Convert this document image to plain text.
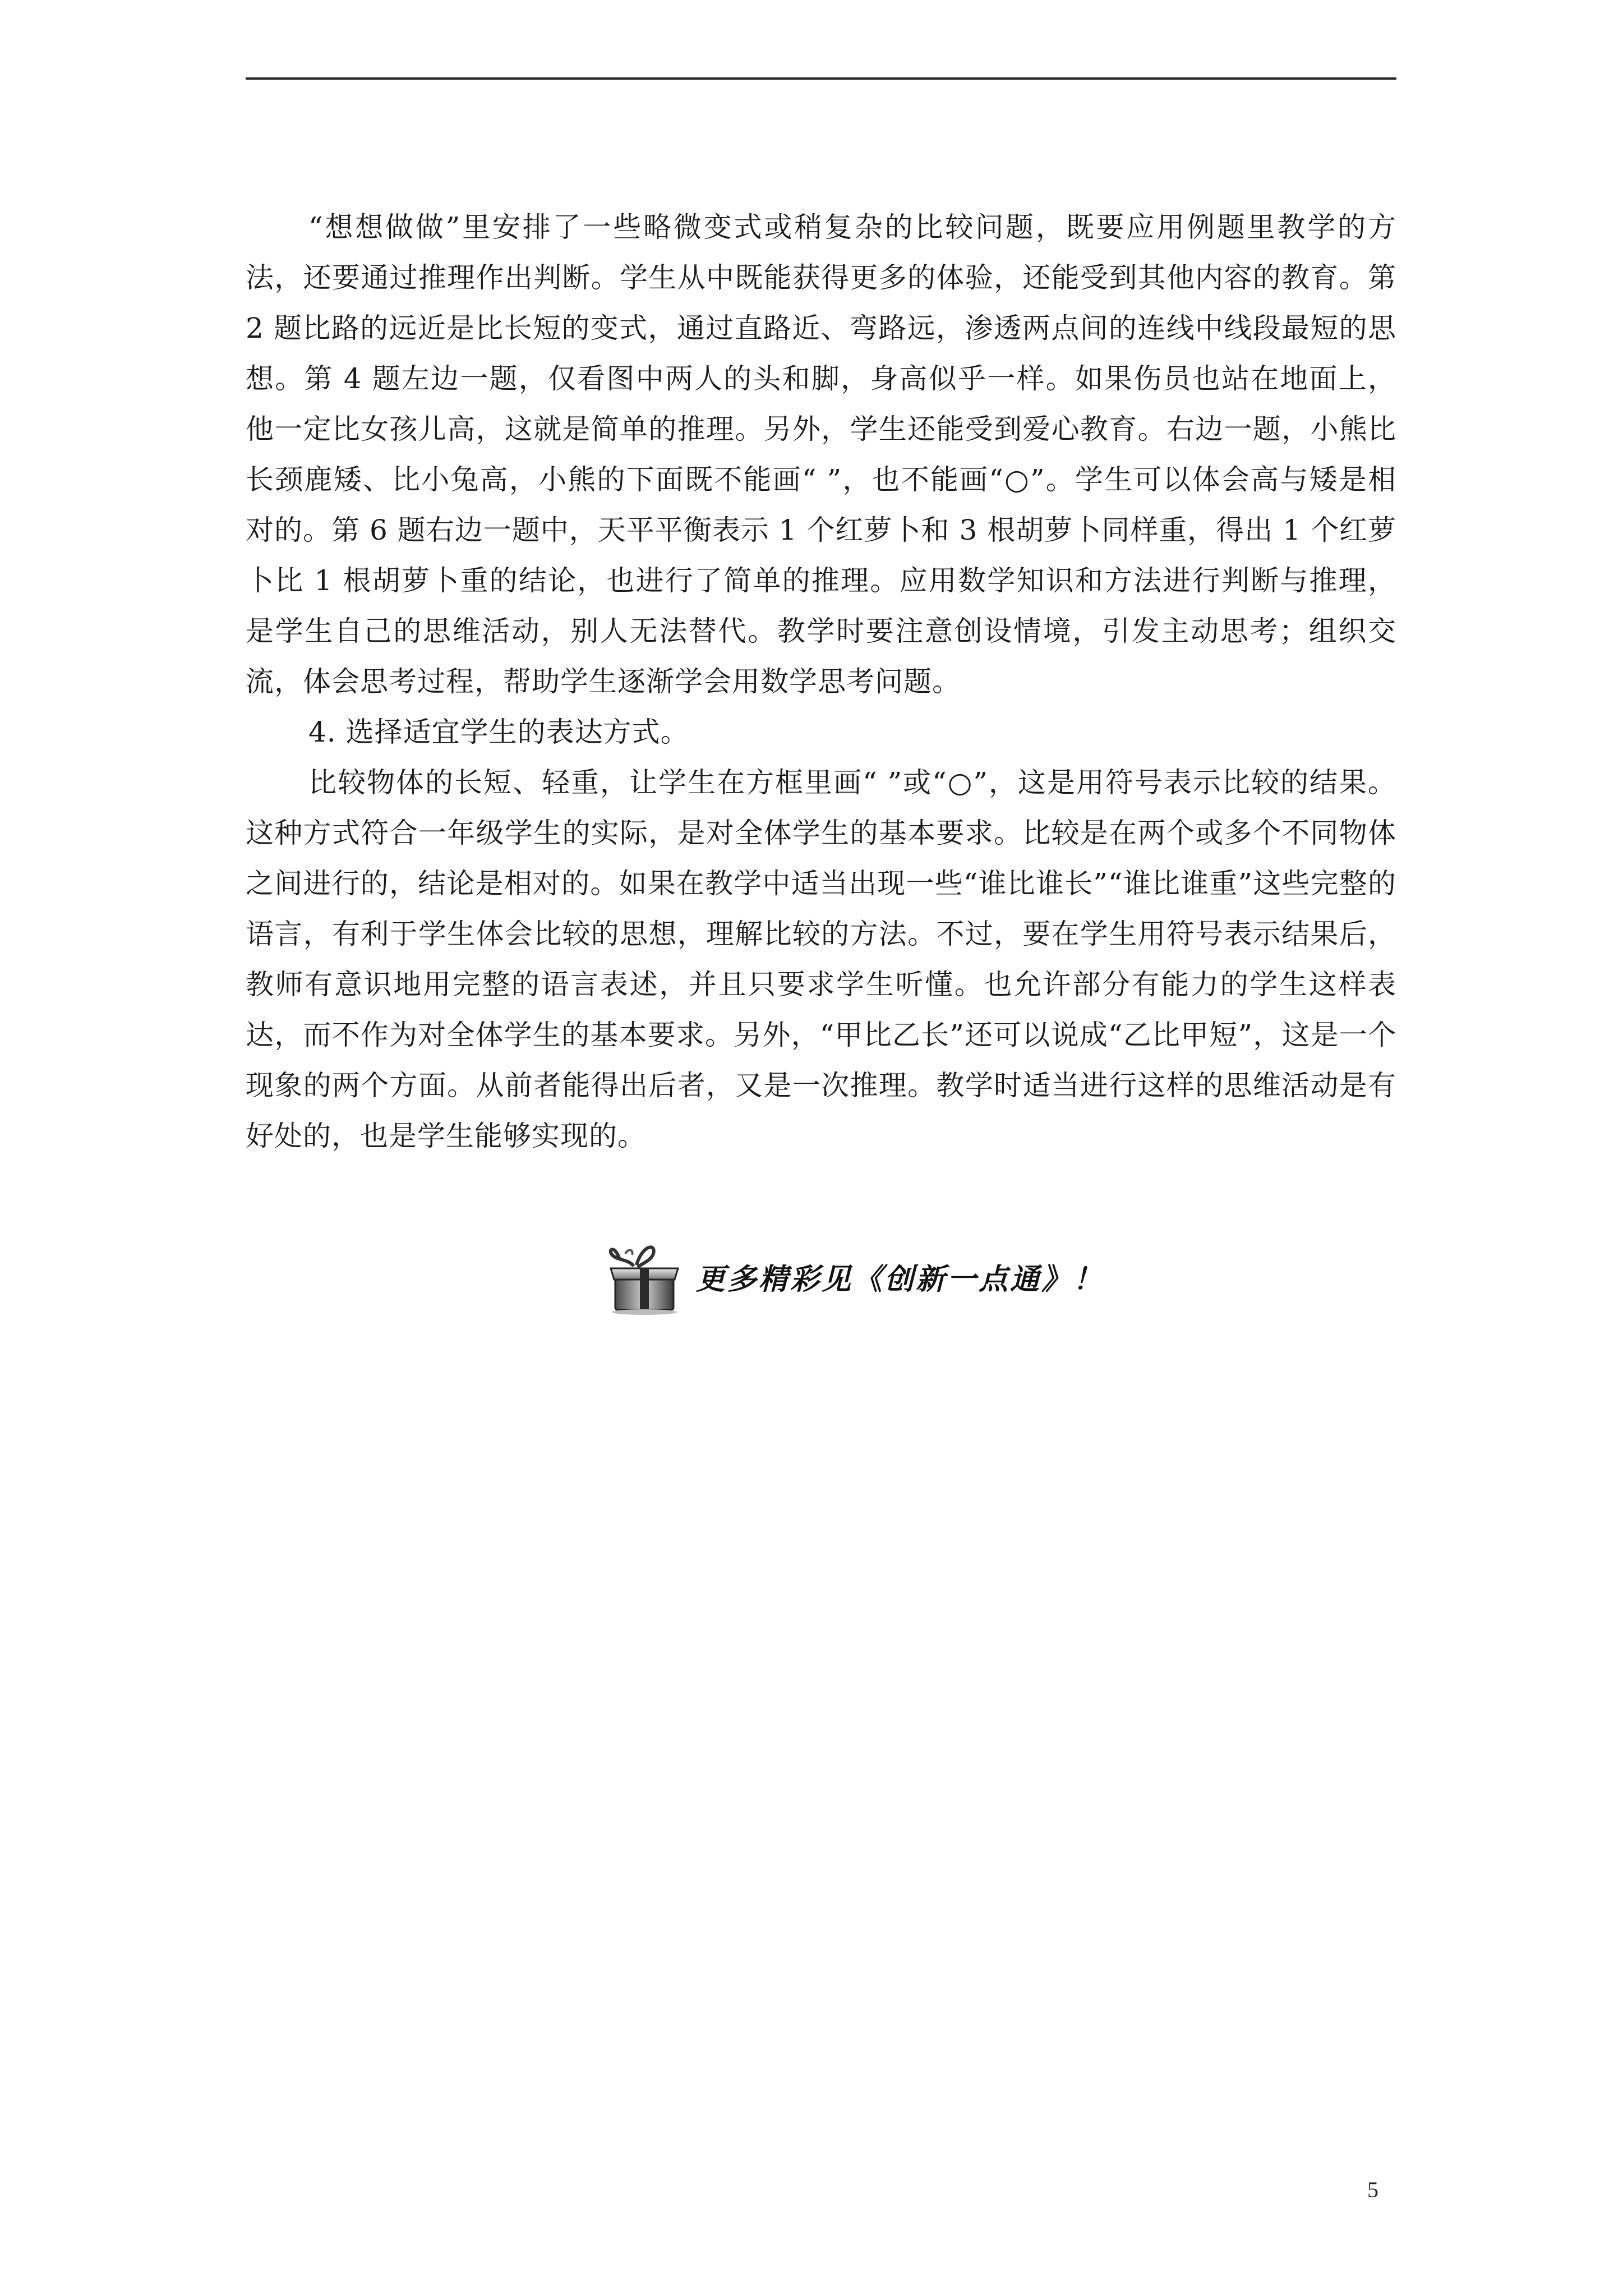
“想想做做”里安排了一些略微变式或稍复杂的比较问题，既要应用例题里教学的方法，还要通过推理作出判断。学生从中既能获得更多的体验，还能受到其他内容的教育。第 2 题比路的远近是比长短的变式，通过直路近、弯路远，渗透两点间的连线中线段最短的思想。第 4 题左边一题，仅看图中两人的头和脚，身高似乎一样。如果伤员也站在地面上，他一定比女孩儿高，这就是简单的推理。另外，学生还能受到爱心教育。右边一题，小熊比长颈鹿矮、比小兔高，小熊的下面既不能画“ ”，也不能画“○”。学生可以体会高与矮是相对的。第 6 题右边一题中，天平平衡表示 1 个红萝卜和 3 根胡萝卜同样重，得出 1 个红萝卜比 1 根胡萝卜重的结论，也进行了简单的推理。应用数学知识和方法进行判断与推理，是学生自己的思维活动，别人无法替代。教学时要注意创设情境，引发主动思考；组织交流，体会思考过程，帮助学生逐渐学会用数学思考问题。

4. 选择适宜学生的表达方式。

比较物体的长短、轻重，让学生在方框里画“ ”或“○”，这是用符号表示比较的结果。这种方式符合一年级学生的实际，是对全体学生的基本要求。比较是在两个或多个不同物体之间进行的，结论是相对的。如果在教学中适当出现一些“谁比谁长”“谁比谁重”这些完整的语言，有利于学生体会比较的思想，理解比较的方法。不过，要在学生用符号表示结果后，教师有意识地用完整的语言表述，并且只要求学生听懂。也允许部分有能力的学生这样表达，而不作为对全体学生的基本要求。另外，“甲比乙长”还可以说成“乙比甲短”，这是一个现象的两个方面。从前者能得出后者，又是一次推理。教学时适当进行这样的思维活动是有好处的，也是学生能够实现的。

更多精彩见《创新一点通》！
5
